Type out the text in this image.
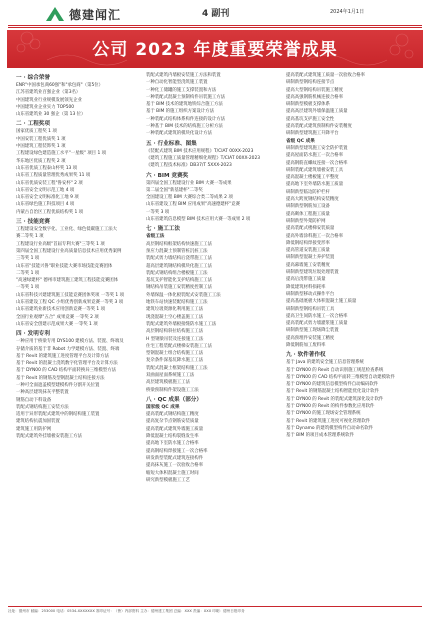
德建闻汇	4 副刊	2024年1月1日
公司 2023 年度重要荣誉成果
一 · 综合荣誉
ENR"中国承包商60强"和"承包商"（第5位）
江苏省建筑业百强企业（第3名）
中国建筑业行业规模发展领先企业
中国建筑业企业实力 TOP500
山东省建筑业 30 强企（第 13 位）
二 · 工程奖项
国家优质工程奖 1 项
中国安装工程优质奖 1 项
中国建筑工程装饰奖 1 项
工程建设绿色建造施工水平"一星级" 项目 1 项
华东地区优质工程奖 2 项
山东省优质工程泰山杯奖 13 项
山东省工程质量管理优秀成果奖 11 项
山东省优质安装工程"鲁安杯" 2 项
山东省安全文明示范工地 4 项
山东省安全文明标准化工地 9 项
山东省绿色施工科技项目 4 项
内蒙古自治区工程优质结构奖 1 项
三 · 技能竞赛
工程建设安全数字化、工业化、绿色低碳施工工法大
赛二等奖 1 项
工程建设行业高级"首届专利大赛"三等奖 1 项
第四届全国工程建设行业高质量信息技术应用优秀案例
三等奖 1 项
山东省"技能兴鲁"职业技能大赛市场技能竞赛团体
二等奖 1 项
"高速绿建杯" 德州市建筑施工建筑工程技能竞赛团体
一等奖 1 项
山东省科技兴建建筑施工技能竞赛团体奖项 一等奖 1 项
山东省建设工程 QC 小组优秀创新成果竞赛一等奖 3 项
山东省建筑业新技术应用创新竞赛一等奖 1 项
全国行业观摩"五合" 成果竞赛 一等奖 2 项
山东省安全创建示范成果大赛 一等奖 1 项
四 · 发明专利
一种应用于桥梁专用 DYS100 建模方法、装置、终端及
存储介质的基于非 Robot 力学建模方法、装置、终端
基于 Revit 的建筑施工进度管理平台及计算方法
基于 Revit 的混凝土浇筑数字化管理平台及计算方法
基于 DYN00 的 CAD 结构平面转换异三维模型方法
基于 Revit 的钢筋及型钢混凝土结构连接方法
一种可全面遮盖模型建模构件分割开关位置
一种高层建筑抹灰平整装置
钢筋自动下料设备
装配式钢结构施工安装方法
适用于异形装配式建筑中的钢结构施工装置
建筑结构抗震加固装置
建筑施工用防护网
装配式建筑外挂墙板安装施工方法
装配式建筑内墙板安装施工方法和装置
一种自动化智能型浇筑施工装置
一种化工储罐的施工支撑装置和方法
一种装配式混凝土预制构件吊装施工方法
基于 BIM 技术的建筑地铁综合施工方法
基于 BIM 的施工组织方案设计方法
一种装配式结构体系构件连接的设计方法
一种基于 BIM 技术的结构施工分析方法
一种装配式建筑的模块化设计方法
五 · 行业标准、图集
《装配式建筑 BIM 技术应用规程》T/CIAT 00XX-2023
《建筑工程施工质量管理精细化规程》T/CIAT 00XX-2023
《建筑工程技术标准》DB37/T 5XXX-2023
六 · BIM 竞赛奖
第四届全国工程建设行业 BIM 大赛一等成果
第二届全国"新基建杯"二等奖
全国建设工程 BIM 大赛综合类二等成果 2 项
山东省建设工程 BIM 应用成果"高速德建杯"竞赛
一等奖 3 项
山东省建筑信息模型 BIM 技术应用大赛一等成果 2 项
七 · 施工工法
省级工法
高层钢结构框架结构快速施工工法
预应力混凝土预制管桩沉桩工法
装配式剪力墙结构后浇带施工工法
超高层建筑钢结构模块化施工工法
装配式钢结构组合楼板施工工法
基坑支护智能化支护结构施工工法
钢结构吊装施工安装精度控制工法
外墙保温一体化板装配式安装施工工法
地铁车站快速装配结构施工工法
建筑垃圾资源化利用施工工法
现浇混凝土空心楼盖施工工法
装配式建筑外墙板接缝防水施工工法
高层钢结构斜拉结构施工工法
H 型钢梁吊装及连接施工工法
住宅工程装配式楼梯安装施工工法
型钢混凝土组合结构施工工法
复杂条件深基坑降水施工工法
装配式混凝土框架结构施工工法
双曲面屋面系统施工工法
高层建筑模板施工工法
桥梁预制构件架设施工工法
八 · QC 成果（部分）
国家级 QC 成果
提高装配式钢结构施工精度
提高复杂节点钢筋安装质量
提高装配式建筑外墙施工质量
降低混凝土结构裂缝发生率
提高地下室防水施工合格率
提高钢结构焊接施工一次合格率
研发新型装配式建筑连接构件
提高抹灰施工一次验收合格率
缩短大体积混凝土施工时间
研究新型模板施工工艺
提高装配式建筑施工质量一次验收合格率
研制新型钢结构连接节点
提高大型钢结构吊装施工精度
提高高强钢筋机械连接合格率
研制新型模板支撑体系
提高高层建筑外墙保温施工质量
提高基坑支护施工安全性
提高装配式建筑预制构件安装精度
研制新型建筑施工升降平台
省级 QC 成果
研制新型建筑施工安全防护装置
提高屋面防水施工一次合格率
提高钢筋直螺纹连接一次合格率
研制装配式建筑墙板安装工具
提高混凝土楼板施工平整度
提高地下室外墙防水施工质量
研制新型临边防护栏杆
提高大跨度钢结构安装精度
研制新型钢筋加工设备
提高砌体工程施工质量
研制新型外架防护网
提高装配式楼梯安装质量
提高外墙涂料施工一次合格率
降低钢结构焊接变形率
提高管道安装施工质量
研制新型混凝土养护装置
提高幕墙施工安装精度
研制新型建筑垃圾处理装置
提高后浇带施工质量
降低建筑材料损耗率
研制新型移动式操作平台
提高基础底板大体积混凝土施工质量
研制新型钢结构吊装工具
提高卫生间防水施工一次合格率
提高装配式剪力墙灌浆施工质量
研制新型施工现场降尘装置
提高预埋件安装施工精度
降低钢筋加工废料率
九 · 软件著作权
基于 Java 的建筑安全施工信息管理系统
基于 DYN00 的 Revit 自动识别施工规范检查系统
基于 DYN00 的 CAD 结构平面转三维模型自动建模软件
基于 DYN00 的建筑信息模型构件自动编码软件
基于 Revit 的钢筋混凝土结构智能优化设计软件
基于 DYN00 的 Revit 的装配式建筑深化设计软件
基于 DYN00 的 Revit 的构件参数化应用软件
基于 DYN00 的施工现场安全管理系统
基于 Revit 的建筑施工进度可视化管理软件
基于 Dynamo 的建筑模型构件自动命名软件
基于 BIM 的项目成本管理系统软件
社址：德州市 邮编：253000 电话：0534-XXXXXXX 准印证号：（鲁）内部资料 主办：德州建工集团 总编：XXX 责编：XXX 印刷：德州日报印务
